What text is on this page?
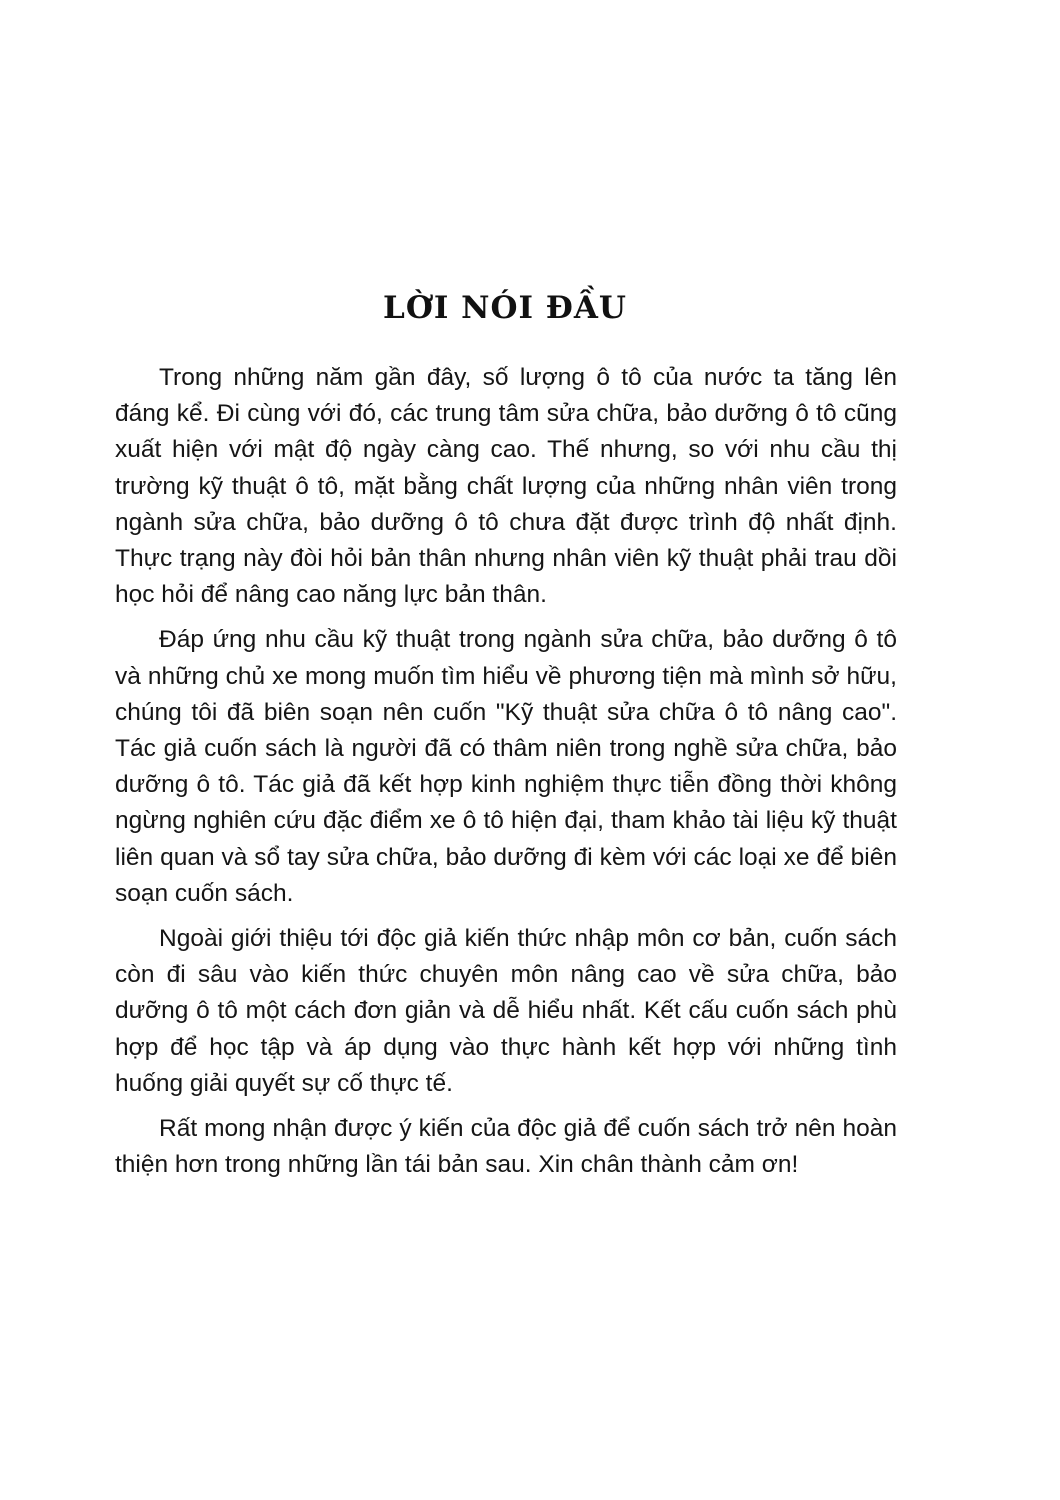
LỜI NÓI ĐẦU

Trong những năm gần đây, số lượng ô tô của nước ta tăng lên đáng kể. Đi cùng với đó, các trung tâm sửa chữa, bảo dưỡng ô tô cũng xuất hiện với mật độ ngày càng cao. Thế nhưng, so với nhu cầu thị trường kỹ thuật ô tô, mặt bằng chất lượng của những nhân viên trong ngành sửa chữa, bảo dưỡng ô tô chưa đặt được trình độ nhất định. Thực trạng này đòi hỏi bản thân nhưng nhân viên kỹ thuật phải trau dồi học hỏi để nâng cao năng lực bản thân.

Đáp ứng nhu cầu kỹ thuật trong ngành sửa chữa, bảo dưỡng ô tô và những chủ xe mong muốn tìm hiểu về phương tiện mà mình sở hữu, chúng tôi đã biên soạn nên cuốn "Kỹ thuật sửa chữa ô tô nâng cao". Tác giả cuốn sách là người đã có thâm niên trong nghề sửa chữa, bảo dưỡng ô tô. Tác giả đã kết hợp kinh nghiệm thực tiễn đồng thời không ngừng nghiên cứu đặc điểm xe ô tô hiện đại, tham khảo tài liệu kỹ thuật liên quan và sổ tay sửa chữa, bảo dưỡng đi kèm với các loại xe để biên soạn cuốn sách.

Ngoài giới thiệu tới độc giả kiến thức nhập môn cơ bản, cuốn sách còn đi sâu vào kiến thức chuyên môn nâng cao về sửa chữa, bảo dưỡng ô tô một cách đơn giản và dễ hiểu nhất. Kết cấu cuốn sách phù hợp để học tập và áp dụng vào thực hành kết hợp với những tình huống giải quyết sự cố thực tế.

Rất mong nhận được ý kiến của độc giả để cuốn sách trở nên hoàn thiện hơn trong những lần tái bản sau. Xin chân thành cảm ơn!
